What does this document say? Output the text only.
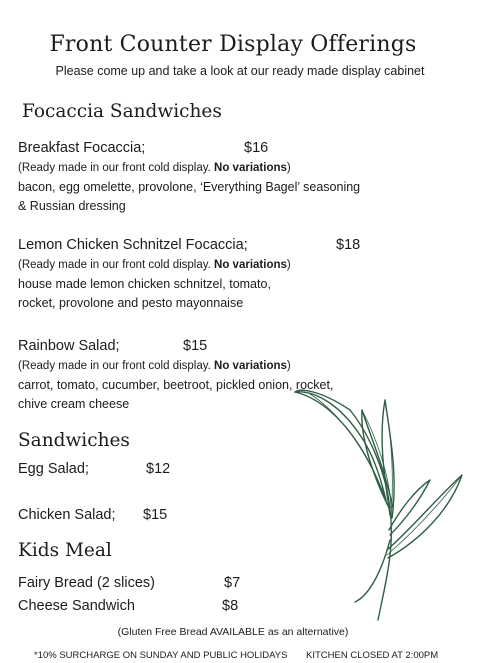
Front Counter Display Offerings
Please come up and take a look at our ready made display cabinet
Focaccia Sandwiches
Breakfast Focaccia;	$16
(Ready made in our front cold display. No variations)
bacon, egg omelette, provolone, ‘Everything Bagel’ seasoning
& Russian dressing
Lemon Chicken Schnitzel Focaccia;	$18
(Ready made in our front cold display. No variations)
house made lemon chicken schnitzel, tomato,
rocket, provolone and pesto mayonnaise
Rainbow Salad;	$15
(Ready made in our front cold display. No variations)
carrot, tomato, cucumber, beetroot, pickled onion, rocket,
chive cream cheese
Sandwiches
Egg Salad;	$12
Chicken Salad; $15
Kids Meal
Fairy Bread (2 slices)	$7
Cheese Sandwich	$8
(Gluten Free Bread AVAILABLE as an alternative)
*10% SURCHARGE ON SUNDAY AND PUBLIC HOLIDAYS KITCHEN CLOSED AT 2:00PM
